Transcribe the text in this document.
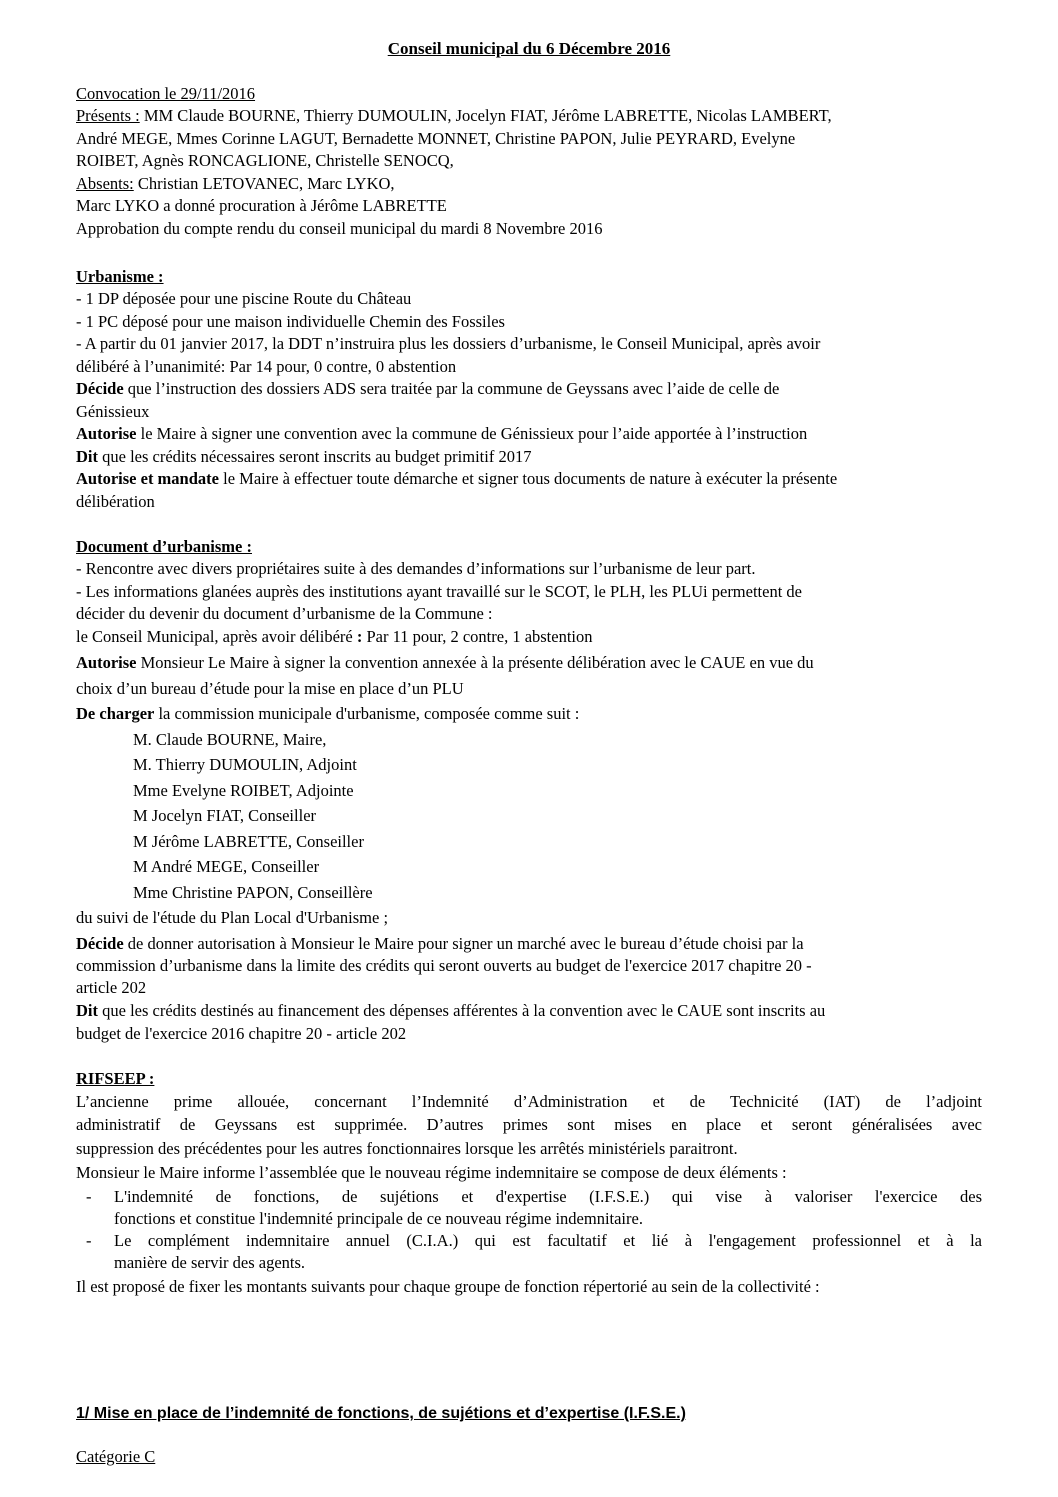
Conseil municipal du 6 Décembre 2016

Convocation le 29/11/2016

Présents : MM Claude BOURNE, Thierry DUMOULIN, Jocelyn FIAT, Jérôme LABRETTE, Nicolas LAMBERT,

André MEGE, Mmes Corinne LAGUT, Bernadette MONNET, Christine PAPON, Julie PEYRARD, Evelyne

ROIBET, Agnès RONCAGLIONE, Christelle SENOCQ,

Absents: Christian LETOVANEC, Marc LYKO,

Marc LYKO a donné procuration à Jérôme LABRETTE

Approbation du compte rendu du conseil municipal du mardi 8 Novembre 2016

Urbanisme :

- 1 DP déposée pour une piscine Route du Château

- 1 PC déposé pour une maison individuelle Chemin des Fossiles

- A partir du 01 janvier 2017, la DDT n’instruira plus les dossiers d’urbanisme, le Conseil Municipal, après avoir

délibéré à l’unanimité: Par 14 pour, 0 contre, 0 abstention

Décide que l’instruction des dossiers ADS sera traitée par la commune de Geyssans avec l’aide de celle de

Génissieux

Autorise le Maire à signer une convention avec la commune de Génissieux pour l’aide apportée à l’instruction

Dit que les crédits nécessaires seront inscrits au budget primitif 2017

Autorise et mandate le Maire à effectuer toute démarche et signer tous documents de nature à exécuter la présente

délibération

Document d’urbanisme :

- Rencontre avec divers propriétaires suite à des demandes d’informations sur l’urbanisme de leur part.

- Les informations glanées auprès des institutions ayant travaillé sur le SCOT, le PLH, les PLUi permettent de

décider du devenir du document d’urbanisme de la Commune :

le Conseil Municipal, après avoir délibéré : Par 11 pour, 2 contre, 1 abstention

Autorise Monsieur Le Maire à signer la convention annexée à la présente délibération avec le CAUE en vue du

choix d’un bureau d’étude pour la mise en place d’un PLU

De charger la commission municipale d'urbanisme, composée comme suit :

M. Claude BOURNE, Maire,

M. Thierry DUMOULIN, Adjoint

Mme Evelyne ROIBET, Adjointe

M Jocelyn FIAT, Conseiller

M Jérôme LABRETTE, Conseiller

M André MEGE, Conseiller

Mme Christine PAPON, Conseillère

du suivi de l'étude du Plan Local d'Urbanisme ;

Décide de donner autorisation à Monsieur le Maire pour signer un marché avec le bureau d’étude choisi par la

commission d’urbanisme dans la limite des crédits qui seront ouverts au budget de l'exercice 2017 chapitre 20 -

article 202

Dit que les crédits destinés au financement des dépenses afférentes à la convention avec le CAUE sont inscrits au

budget de l'exercice 2016 chapitre 20 - article 202

RIFSEEP :

L’ancienne prime allouée, concernant l’Indemnité d’Administration et de Technicité (IAT) de l’adjoint

administratif de Geyssans est supprimée. D’autres primes sont mises en place et seront généralisées avec

suppression des précédentes pour les autres fonctionnaires lorsque les arrêtés ministériels paraitront.

Monsieur le Maire informe l’assemblée que le nouveau régime indemnitaire se compose de deux éléments :

- L'indemnité de fonctions, de sujétions et d'expertise (I.F.S.E.) qui vise à valoriser l'exercice des
fonctions et constitue l'indemnité principale de ce nouveau régime indemnitaire.

- Le complément indemnitaire annuel (C.I.A.) qui est facultatif et lié à l'engagement professionnel et à la
manière de servir des agents.

Il est proposé de fixer les montants suivants pour chaque groupe de fonction répertorié au sein de la collectivité :

1/ Mise en place de l’indemnité de fonctions, de sujétions et d’expertise (I.F.S.E.)

Catégorie C
